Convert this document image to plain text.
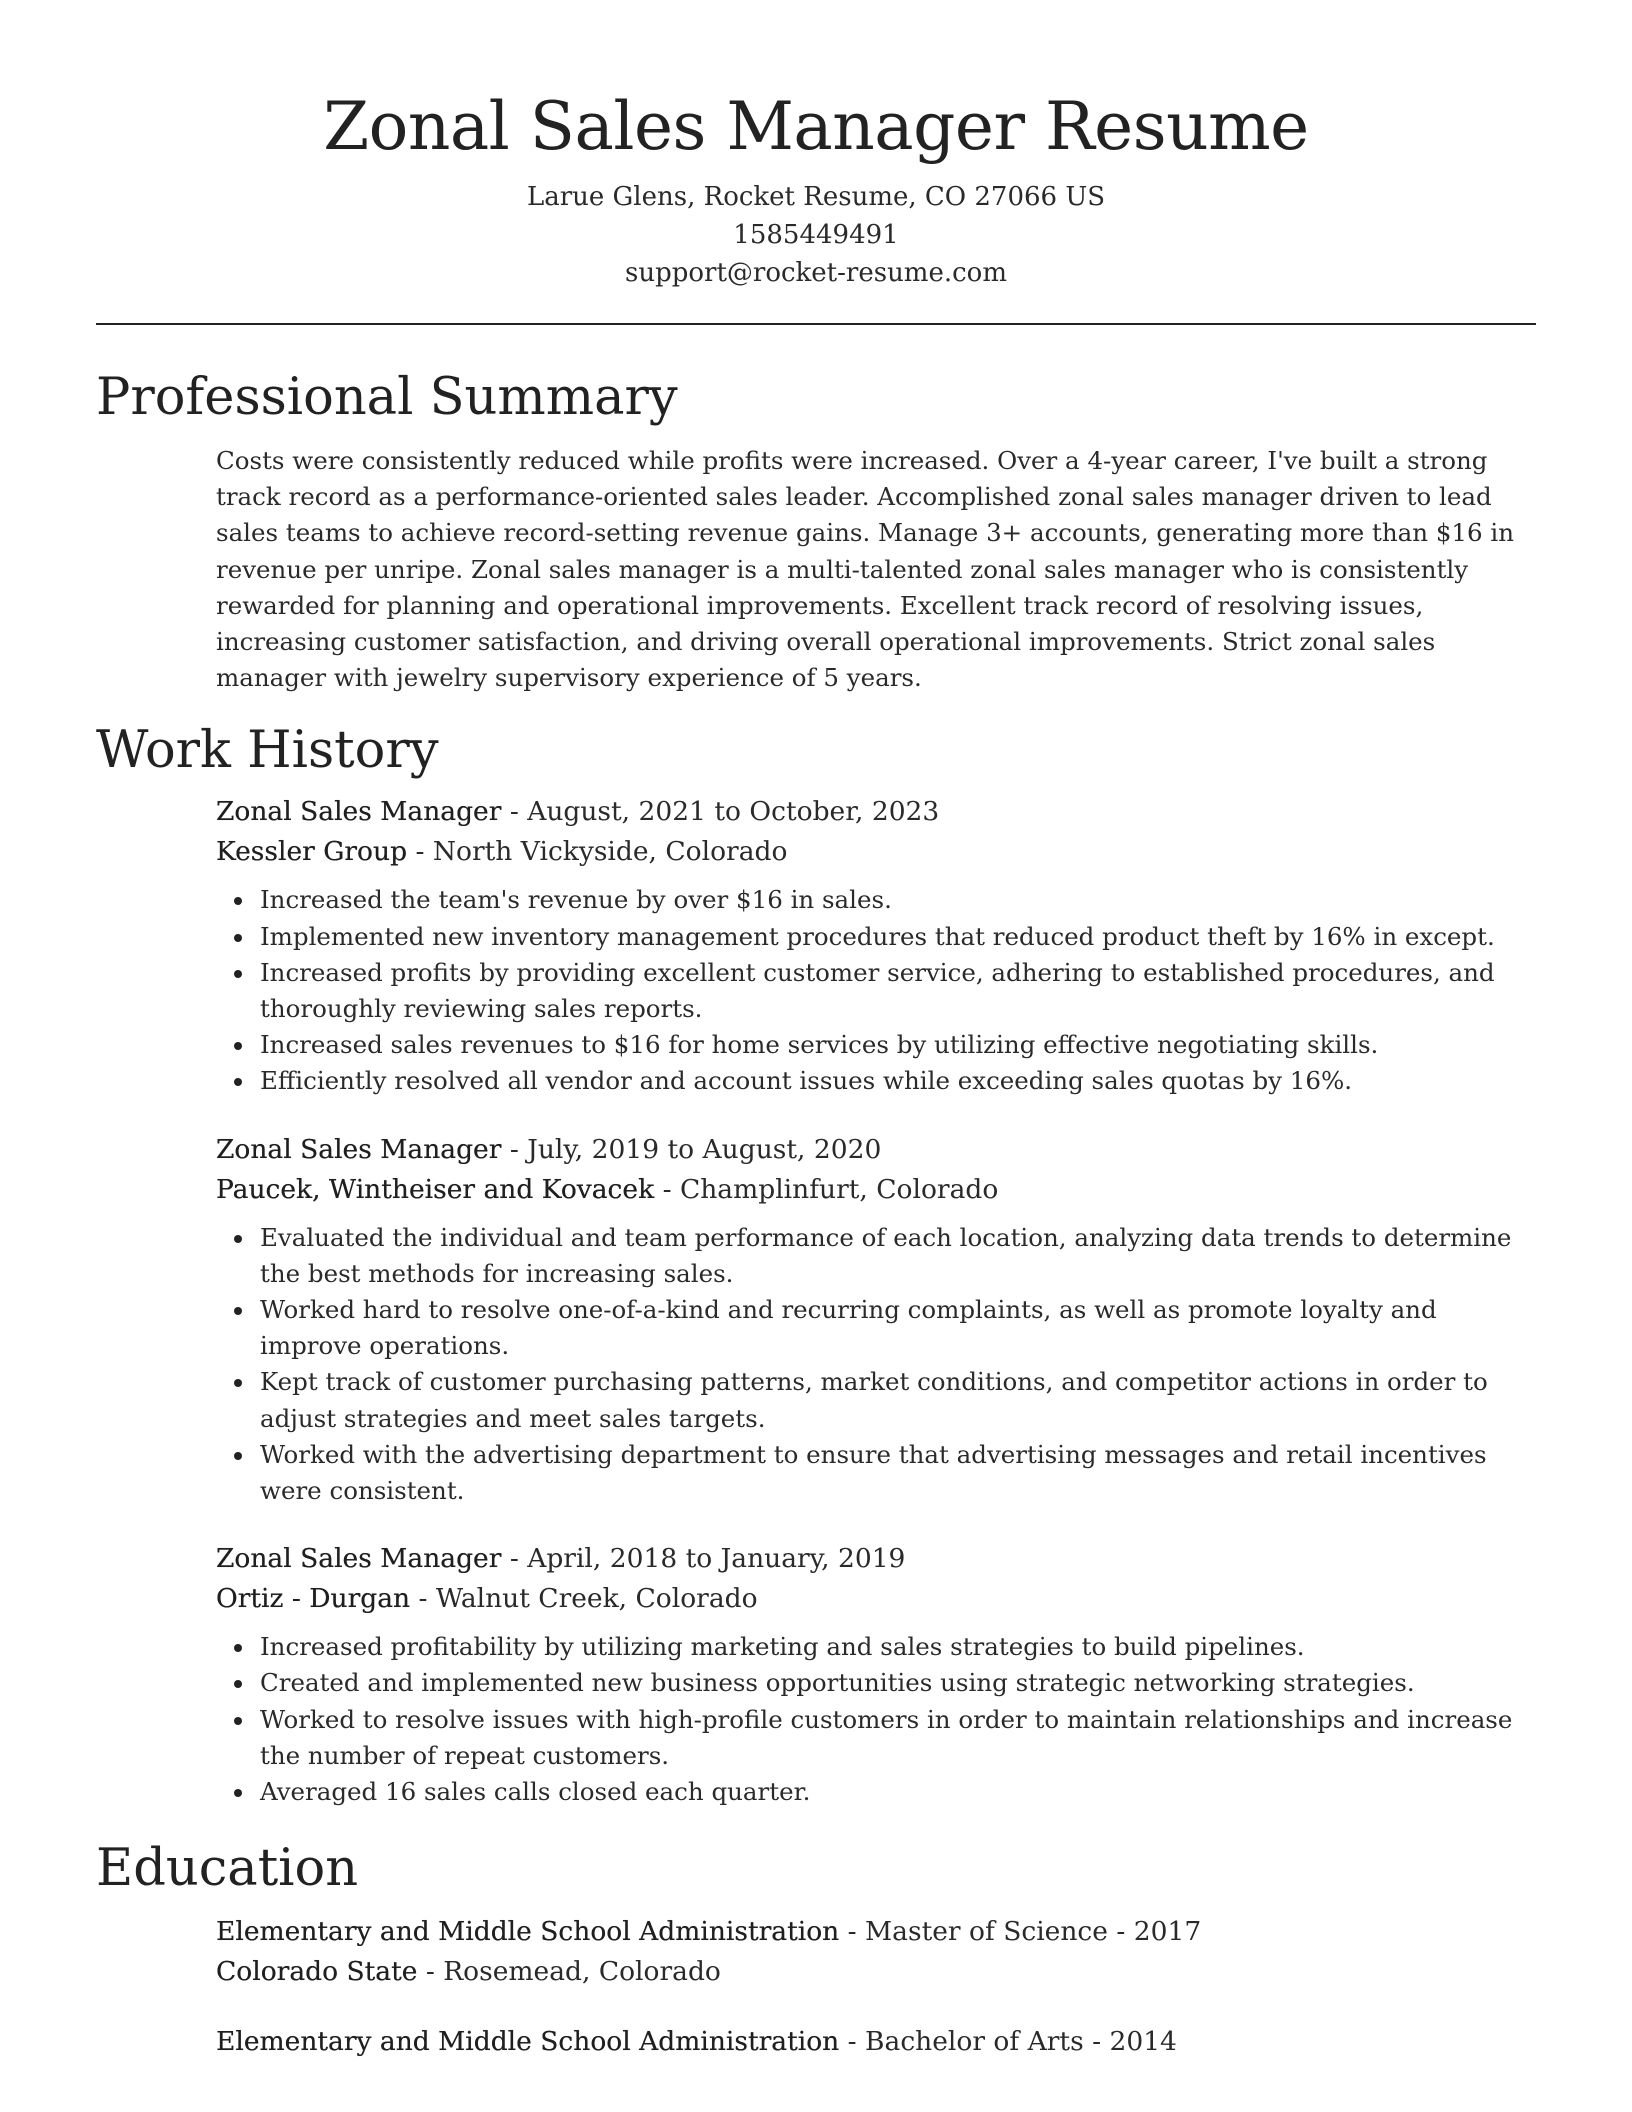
Zonal Sales Manager Resume
Larue Glens, Rocket Resume, CO 27066 US
1585449491
support@rocket-resume.com
Professional Summary

Costs were consistently reduced while profits were increased. Over a 4-year career, I've built a strong track record as a performance-oriented sales leader. Accomplished zonal sales manager driven to lead sales teams to achieve record-setting revenue gains. Manage 3+ accounts, generating more than $16 in revenue per unripe. Zonal sales manager is a multi-talented zonal sales manager who is consistently rewarded for planning and operational improvements. Excellent track record of resolving issues, increasing customer satisfaction, and driving overall operational improvements. Strict zonal sales manager with jewelry supervisory experience of 5 years.

Work History
Zonal Sales Manager - August, 2021 to October, 2023
Kessler Group - North Vickyside, Colorado
Increased the team's revenue by over $16 in sales.
Implemented new inventory management procedures that reduced product theft by 16% in except.
Increased profits by providing excellent customer service, adhering to established procedures, and thoroughly reviewing sales reports.
Increased sales revenues to $16 for home services by utilizing effective negotiating skills.
Efficiently resolved all vendor and account issues while exceeding sales quotas by 16%.
Zonal Sales Manager - July, 2019 to August, 2020
Paucek, Wintheiser and Kovacek - Champlinfurt, Colorado
Evaluated the individual and team performance of each location, analyzing data trends to determine the best methods for increasing sales.
Worked hard to resolve one-of-a-kind and recurring complaints, as well as promote loyalty and improve operations.
Kept track of customer purchasing patterns, market conditions, and competitor actions in order to adjust strategies and meet sales targets.
Worked with the advertising department to ensure that advertising messages and retail incentives were consistent.
Zonal Sales Manager - April, 2018 to January, 2019
Ortiz - Durgan - Walnut Creek, Colorado
Increased profitability by utilizing marketing and sales strategies to build pipelines.
Created and implemented new business opportunities using strategic networking strategies.
Worked to resolve issues with high-profile customers in order to maintain relationships and increase the number of repeat customers.
Averaged 16 sales calls closed each quarter.
Education
Elementary and Middle School Administration - Master of Science - 2017
Colorado State - Rosemead, Colorado
Elementary and Middle School Administration - Bachelor of Arts - 2014
